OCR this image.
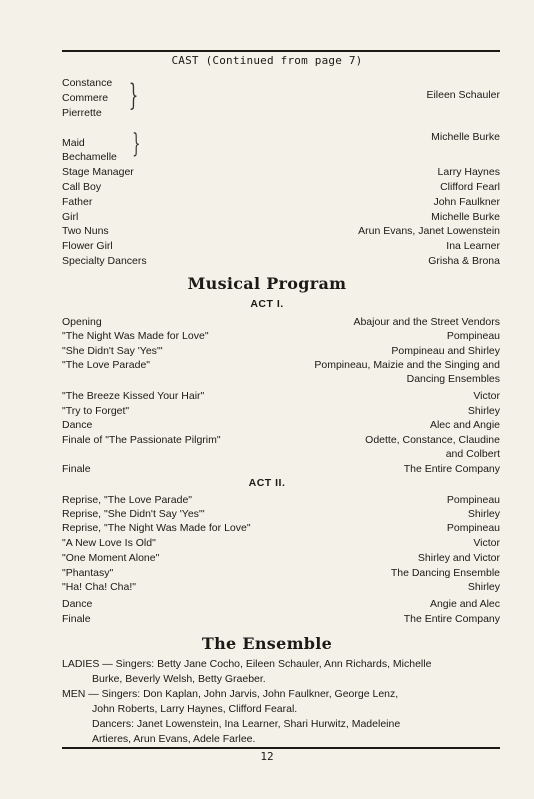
CAST (Continued from page 7)
Constance
Commere
Pierrette }	Eileen Schauler
Maid
Bechamelle }	Michelle Burke
Stage Manager	Larry Haynes
Call Boy	Clifford Fearl
Father	John Faulkner
Girl	Michelle Burke
Two Nuns	Arun Evans, Janet Lowenstein
Flower Girl	Ina Learner
Specialty Dancers	Grisha & Brona
Musical Program
ACT I.
Opening	Abajour and the Street Vendors
"The Night Was Made for Love"	Pompineau
"She Didn't Say 'Yes'"	Pompineau and Shirley
"The Love Parade"	Pompineau, Maizie and the Singing and
Dancing Ensembles
"The Breeze Kissed Your Hair"	Victor
"Try to Forget"	Shirley
Dance	Alec and Angie
Finale of "The Passionate Pilgrim"	Odette, Constance, Claudine
and Colbert
Finale	The Entire Company
ACT II.
Reprise, "The Love Parade"	Pompineau
Reprise, "She Didn't Say 'Yes'"	Shirley
Reprise, "The Night Was Made for Love"	Pompineau
"A New Love Is Old"	Victor
"One Moment Alone"	Shirley and Victor
"Phantasy"	The Dancing Ensemble
"Ha! Cha! Cha!"	Shirley
Dance	Angie and Alec
Finale	The Entire Company
The Ensemble
LADIES — Singers: Betty Jane Cocho, Eileen Schauler, Ann Richards, Michelle
Burke, Beverly Welsh, Betty Graeber.
MEN — Singers: Don Kaplan, John Jarvis, John Faulkner, George Lenz,
John Roberts, Larry Haynes, Clifford Fearal.
Dancers: Janet Lowenstein, Ina Learner, Shari Hurwitz, Madeleine
Artieres, Arun Evans, Adele Farlee.
12
